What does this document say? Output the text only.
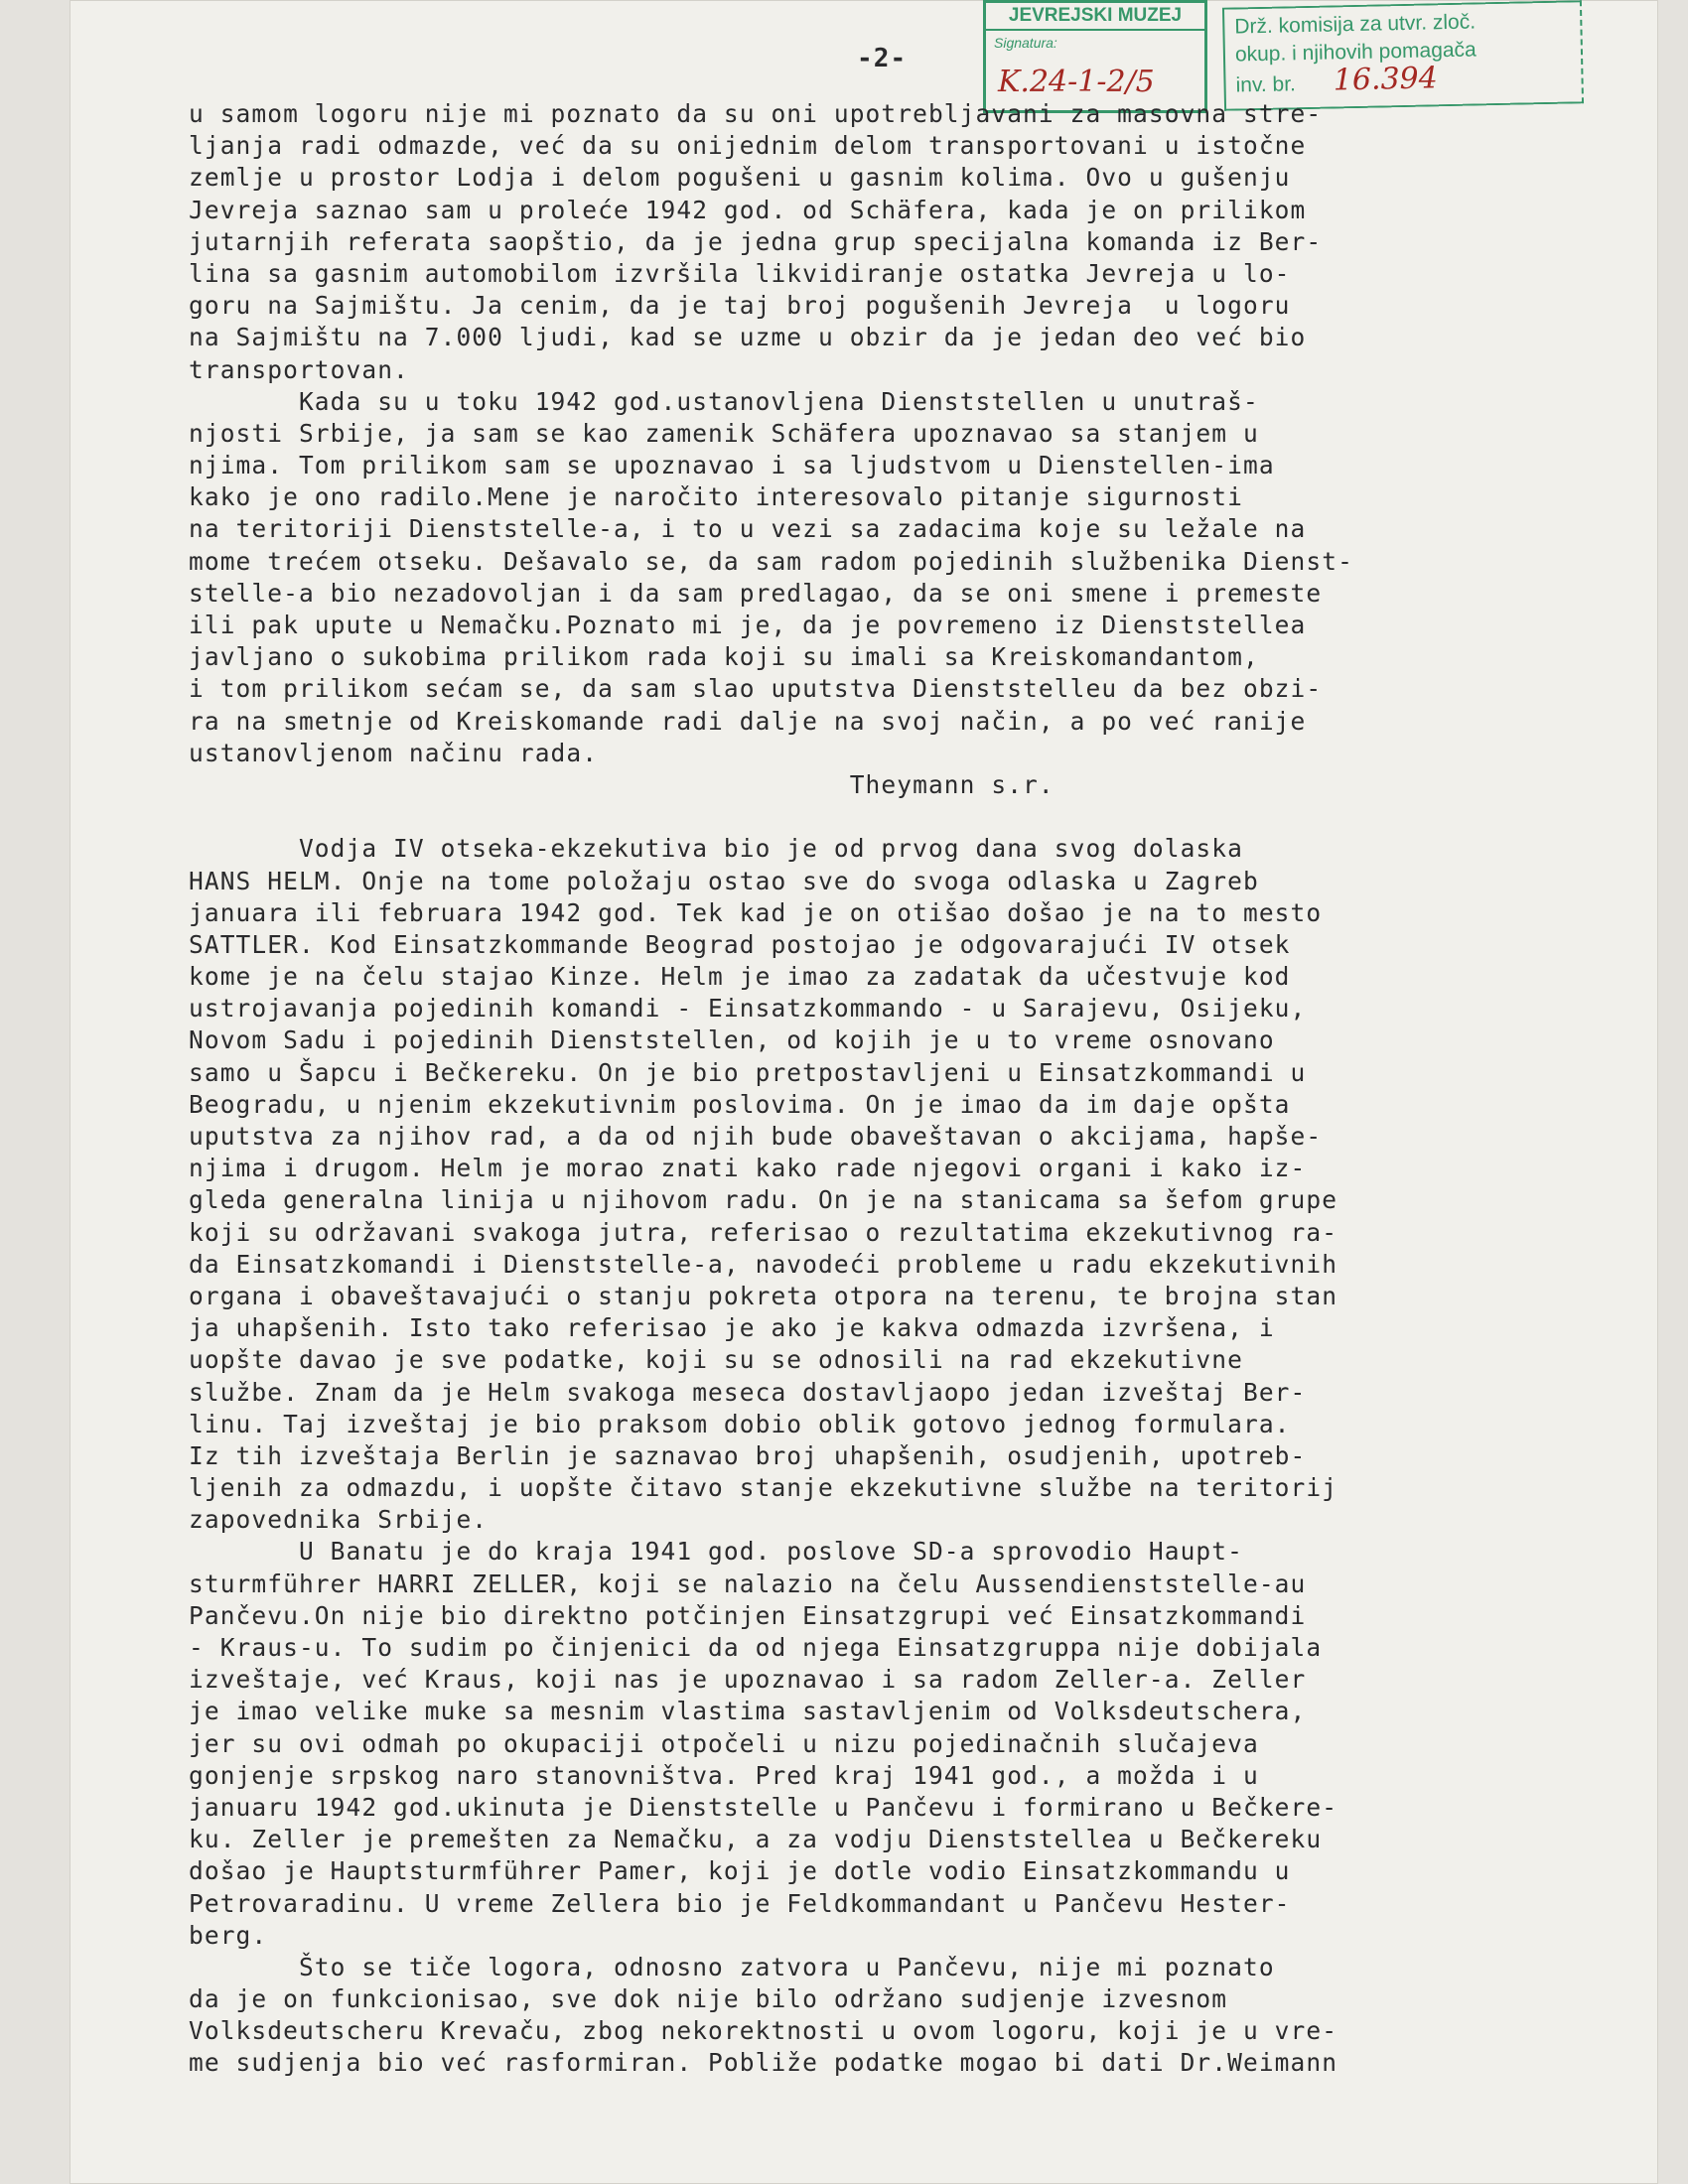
-2-
JEVREJSKI MUZEJ
Signatura:
K.24-1-2/5
Drž. komisija za utvr. zloč.
okup. i njihovih pomagača
inv. br. 16.394
u samom logoru nije mi poznato da su oni upotrebljavani za masovna stre-
ljanja radi odmazde, već da su onijednim delom transportovani u istočne
zemlje u prostor Lodja i delom pogušeni u gasnim kolima. Ovo u gušenju
Jevreja saznao sam u proleće 1942 god. od Schäfera, kada je on prilikom
jutarnjih referata saopštio, da je jedna grup specijalna komanda iz Ber-
lina sa gasnim automobilom izvršila likvidiranje ostatka Jevreja u lo-
goru na Sajmištu. Ja cenim, da je taj broj pogušenih Jevreja  u logoru
na Sajmištu na 7.000 ljudi, kad se uzme u obzir da je jedan deo već bio
transportovan.
Kada su u toku 1942 god.ustanovljena Dienststellen u unutraš-
njosti Srbije, ja sam se kao zamenik Schäfera upoznavao sa stanjem u
njima. Tom prilikom sam se upoznavao i sa ljudstvom u Dienstellen-ima
kako je ono radilo.Mene je naročito interesovalo pitanje sigurnosti
na teritoriji Dienststelle-a, i to u vezi sa zadacima koje su ležale na
mome trećem otseku. Dešavalo se, da sam radom pojedinih službenika Dienst-
stelle-a bio nezadovoljan i da sam predlagao, da se oni smene i premeste
ili pak upute u Nemačku.Poznato mi je, da je povremeno iz Dienststellea
javljano o sukobima prilikom rada koji su imali sa Kreiskomandantom,
i tom prilikom sećam se, da sam slao uputstva Dienststelleu da bez obzi-
ra na smetnje od Kreiskomande radi dalje na svoj način, a po već ranije
ustanovljenom načinu rada.
Theymann s.r.
Vodja IV otseka-ekzekutiva bio je od prvog dana svog dolaska
HANS HELM. Onje na tome položaju ostao sve do svoga odlaska u Zagreb
januara ili februara 1942 god. Tek kad je on otišao došao je na to mesto
SATTLER. Kod Einsatzkommande Beograd postojao je odgovarajući IV otsek
kome je na čelu stajao Kinze. Helm je imao za zadatak da učestvuje kod
ustrojavanja pojedinih komandi - Einsatzkommando - u Sarajevu, Osijeku,
Novom Sadu i pojedinih Dienststellen, od kojih je u to vreme osnovano
samo u Šapcu i Bečkereku. On je bio pretpostavljeni u Einsatzkommandi u
Beogradu, u njenim ekzekutivnim poslovima. On je imao da im daje opšta
uputstva za njihov rad, a da od njih bude obaveštavan o akcijama, hapše-
njima i drugom. Helm je morao znati kako rade njegovi organi i kako iz-
gleda generalna linija u njihovom radu. On je na stanicama sa šefom grupe
koji su održavani svakoga jutra, referisao o rezultatima ekzekutivnog ra-
da Einsatzkomandi i Dienststelle-a, navodeći probleme u radu ekzekutivnih
organa i obaveštavajući o stanju pokreta otpora na terenu, te brojna stan
ja uhapšenih. Isto tako referisao je ako je kakva odmazda izvršena, i
uopšte davao je sve podatke, koji su se odnosili na rad ekzekutivne
službe. Znam da je Helm svakoga meseca dostavljaopo jedan izveštaj Ber-
linu. Taj izveštaj je bio praksom dobio oblik gotovo jednog formulara.
Iz tih izveštaja Berlin je saznavao broj uhapšenih, osudjenih, upotreb-
ljenih za odmazdu, i uopšte čitavo stanje ekzekutivne službe na teritorij
zapovednika Srbije.
U Banatu je do kraja 1941 god. poslove SD-a sprovodio Haupt-
sturmführer HARRI ZELLER, koji se nalazio na čelu Aussendienststelle-au
Pančevu.On nije bio direktno potčinjen Einsatzgrupi već Einsatzkommandi
- Kraus-u. To sudim po činjenici da od njega Einsatzgruppa nije dobijala
izveštaje, već Kraus, koji nas je upoznavao i sa radom Zeller-a. Zeller
je imao velike muke sa mesnim vlastima sastavljenim od Volksdeutschera,
jer su ovi odmah po okupaciji otpočeli u nizu pojedinačnih slučajeva
gonjenje srpskog naro stanovništva. Pred kraj 1941 god., a možda i u
januaru 1942 god.ukinuta je Dienststelle u Pančevu i formirano u Bečkere-
ku. Zeller je premešten za Nemačku, a za vodju Dienststellea u Bečkereku
došao je Hauptsturmführer Pamer, koji je dotle vodio Einsatzkommandu u
Petrovaradinu. U vreme Zellera bio je Feldkommandant u Pančevu Hester-
berg.
Što se tiče logora, odnosno zatvora u Pančevu, nije mi poznato
da je on funkcionisao, sve dok nije bilo održano sudjenje izvesnom
Volksdeutscheru Krevaču, zbog nekorektnosti u ovom logoru, koji je u vre-
me sudjenja bio već rasformiran. Pobliže podatke mogao bi dati Dr.Weimann
